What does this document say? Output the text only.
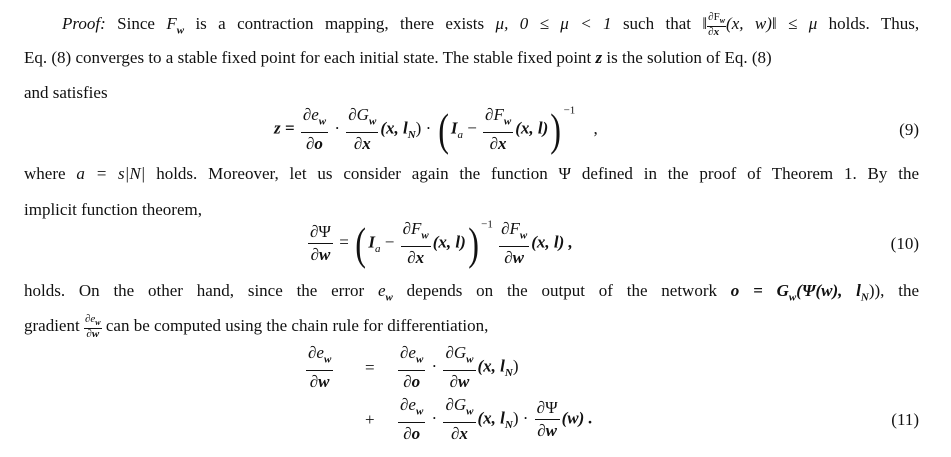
Proof: Since $F_w$ is a contraction mapping, there exists μ, 0 ≤ μ < 1 such that ‖ $\frac{\partial F_w}{\partial x} (x$, w)‖ ≤ μ holds. Thus,
Eq. (8) converges to a stable fixed point for each initial state. The stable fixed point z is the solution of Eq. (8)
and satisfies
$z = \frac{\partial e_w}{\partial o} \cdot \frac{\partial G_w}{\partial x} (x$, $l_N$) · ( $I_a - \frac{\partial F_w}{\partial x} (x$, l)) $^{-1}$ ,	(9)
where a = s|N| holds. Moreover, let us consider again the function Ψ defined in the proof of Theorem 1. By the
implicit function theorem,
$\frac{\partial\Psi}{\partial w}$ = ( $I_a - \frac{\partial F_w}{\partial x} (x$, l)) $^{-1} \frac{\partial F_w}{\partial w} (x$, l) ,	(10)
holds. On the other hand, since the error $e_w$ depends on the output of the network $o = G_w(\Psi(w)$, $l_N$)), the
gradient $\frac{\partial e_w}{\partial w}$ can be computed using the chain rule for differentiation,
$\frac{\partial e_w}{\partial w} = \frac{\partial e_w}{\partial o} \cdot \frac{\partial G_w}{\partial w} (x$, $l_N$)
+ $\frac{\partial e_w}{\partial o} \cdot \frac{\partial G_w}{\partial x} (x$, $l_N) \cdot \frac{\partial\Psi}{\partial w} (w)$ .	(11)
